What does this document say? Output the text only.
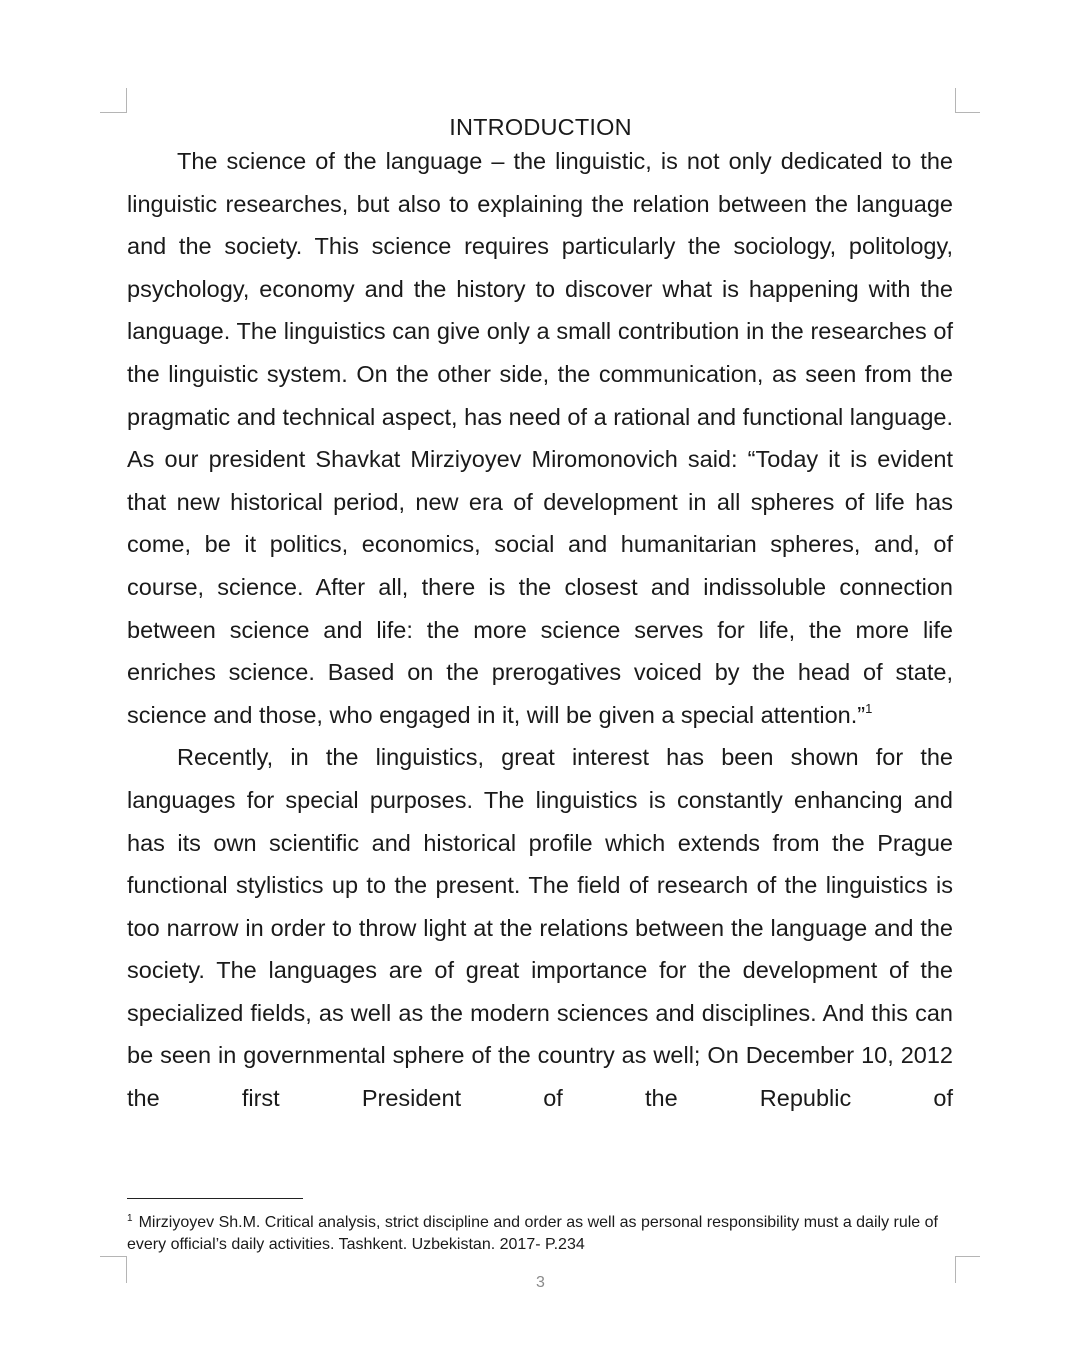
INTRODUCTION

The science of the language – the linguistic, is not only dedicated to the linguistic researches, but also to explaining the relation between the language and the society. This science requires particularly the sociology, politology, psychology, economy and the history to discover what is happening with the language. The linguistics can give only a small contribution in the researches of the linguistic system. On the other side, the communication, as seen from the pragmatic and technical aspect, has need of a rational and functional language. As our president Shavkat Mirziyoyev Miromonovich said: “Today it is evident that new historical period, new era of development in all spheres of life has come, be it politics, economics, social and humanitarian spheres, and, of course, science. After all, there is the closest and indissoluble connection between science and life: the more science serves for life, the more life enriches science. Based on the prerogatives voiced by the head of state, science and those, who engaged in it, will be given a special attention.”$^1$

Recently, in the linguistics, great interest has been shown for the languages for special purposes. The linguistics is constantly enhancing and has its own scientific and historical profile which extends from the Prague functional stylistics up to the present. The field of research of the linguistics is too narrow in order to throw light at the relations between the language and the society. The languages are of great importance for the development of the specialized fields, as well as the modern sciences and disciplines. And this can be seen in governmental sphere of the country as well; On December 10, 2012 the first President of the Republic of

$^1$ Mirziyoyev Sh.M. Critical analysis, strict discipline and order as well as personal responsibility must a daily rule of every official’s daily activities. Tashkent. Uzbekistan. 2017- P.234

3
